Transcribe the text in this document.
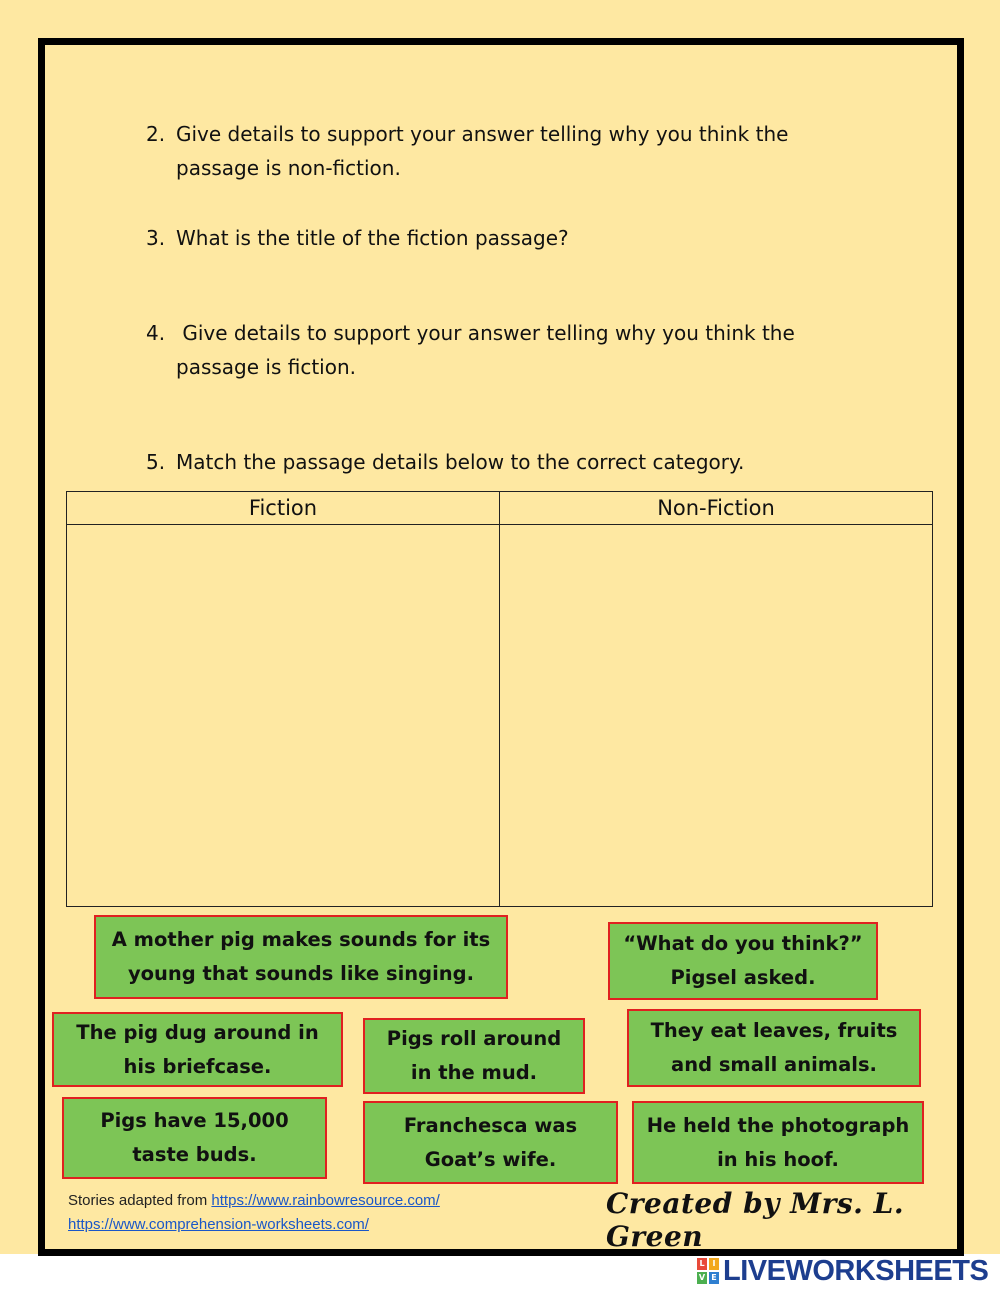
2. Give details to support your answer telling why you think the
passage is non-fiction.
3. What is the title of the fiction passage?
4. Give details to support your answer telling why you think the
passage is fiction.
5. Match the passage details below to the correct category.
Fiction	Non-Fiction

A mother pig makes sounds for its
young that sounds like singing.
“What do you think?”
Pigsel asked.
The pig dug around in
his briefcase.
Pigs roll around
in the mud.
They eat leaves, fruits
and small animals.
Pigs have 15,000
taste buds.
Franchesca was
Goat’s wife.
He held the photograph
in his hoof.
Stories adapted from https://www.rainbowresource.com/
https://www.comprehension-worksheets.com/
Created by Mrs. L. Green
L I
V E LIVEWORKSHEETS
